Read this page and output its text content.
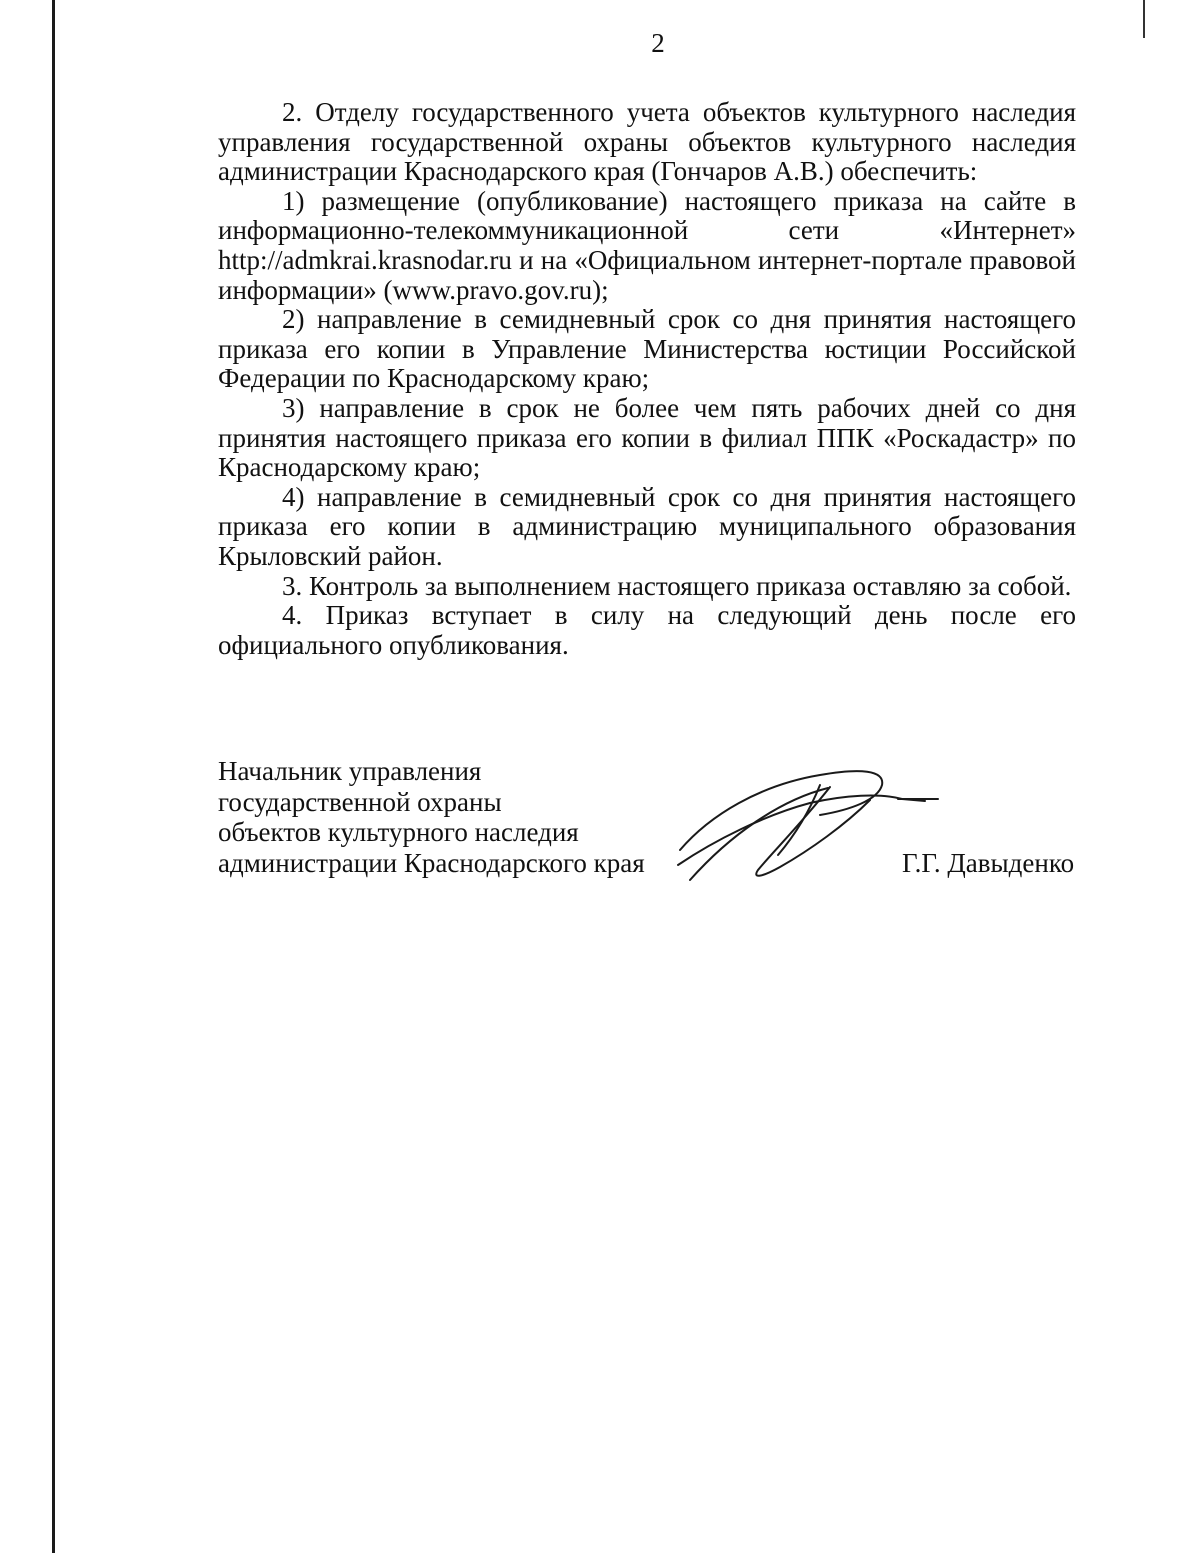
2

2. Отделу государственного учета объектов культурного наследия управления государственной охраны объектов культурного наследия администрации Краснодарского края (Гончаров А.В.) обеспечить:

1) размещение (опубликование) настоящего приказа на сайте в информационно-телекоммуникационной сети «Интернет» http://admkrai.krasnodar.ru и на «Официальном интернет-портале правовой информации» (www.pravo.gov.ru);

2) направление в семидневный срок со дня принятия настоящего приказа его копии в Управление Министерства юстиции Российской Федерации по Краснодарскому краю;

3) направление в срок не более чем пять рабочих дней со дня принятия настоящего приказа его копии в филиал ППК «Роскадастр» по Краснодарскому краю;

4) направление в семидневный срок со дня принятия настоящего приказа его копии в администрацию муниципального образования Крыловский район.

3. Контроль за выполнением настоящего приказа оставляю за собой.

4. Приказ вступает в силу на следующий день после его официального опубликования.

Начальник управления
государственной охраны
объектов культурного наследия
администрации Краснодарского края	Г.Г. Давыденко
